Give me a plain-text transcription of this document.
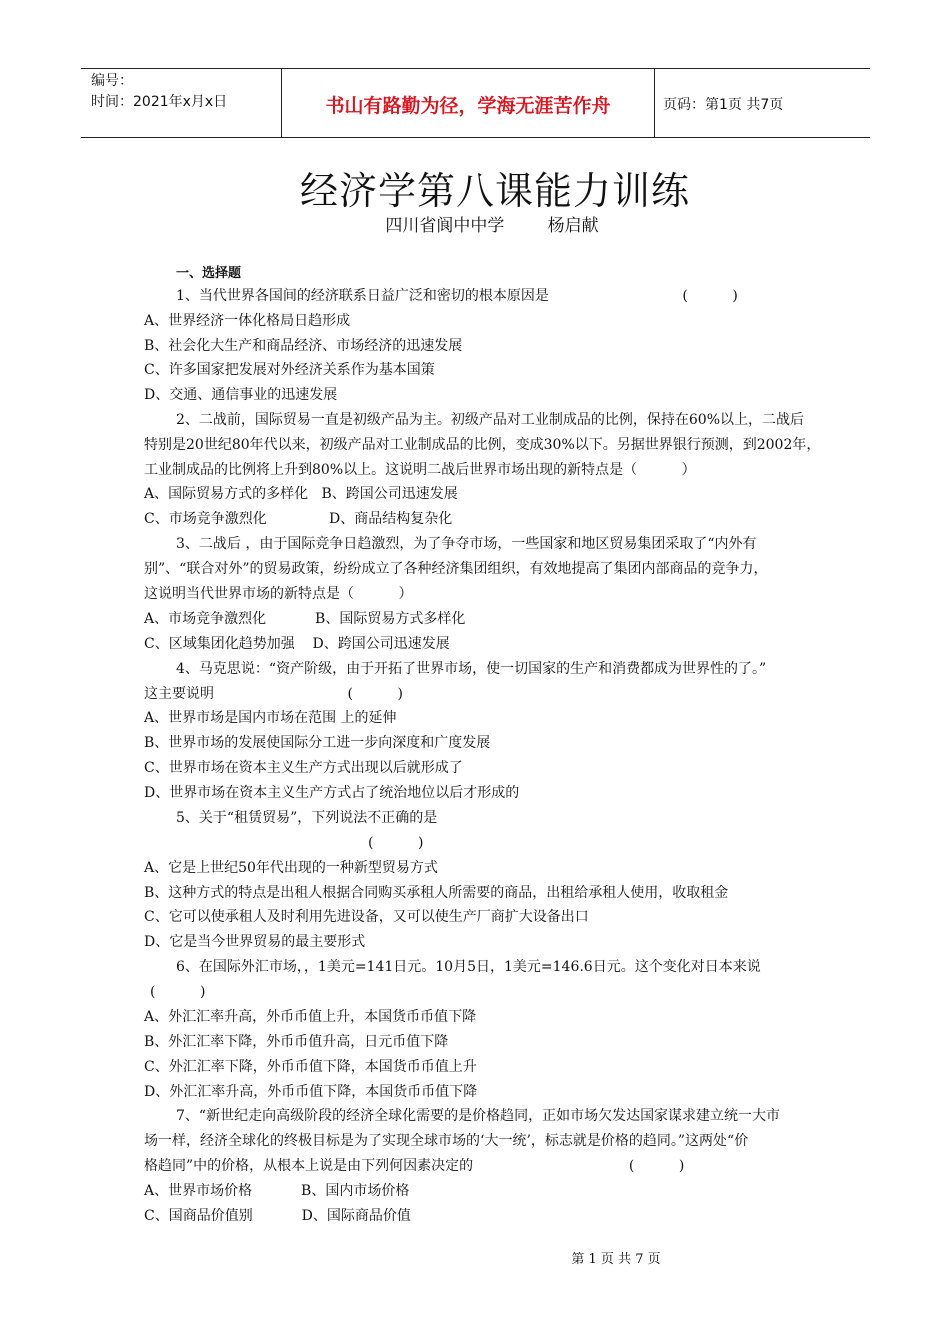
编号：
时间：2021年x月x日	书山有路勤为径，学海无涯苦作舟	页码：第1页 共7页
经济学第八课能力训练
四川省阆中中学        杨启献
一、选择题
1、当代世界各国间的经济联系日益广泛和密切的根本原因是                              (          )
A、世界经济一体化格局日趋形成
B、社会化大生产和商品经济、市场经济的迅速发展
C、许多国家把发展对外经济关系作为基本国策
D、交通、通信事业的迅速发展
2、二战前，国际贸易一直是初级产品为主。初级产品对工业制成品的比例，保持在60%以上，二战后
特别是20世纪80年代以来，初级产品对工业制成品的比例，变成30%以下。另据世界银行预测，到2002年，
工业制成品的比例将上升到80%以上。这说明二战后世界市场出现的新特点是（          ）
A、国际贸易方式的多样化   B、跨国公司迅速发展
C、市场竞争激烈化              D、商品结构复杂化
3、二战后 ，由于国际竞争日趋激烈，为了争夺市场，一些国家和地区贸易集团采取了“内外有
别”、“联合对外”的贸易政策，纷纷成立了各种经济集团组织，有效地提高了集团内部商品的竞争力，
这说明当代世界市场的新特点是（          ）
A、市场竞争激烈化           B、国际贸易方式多样化
C、区域集团化趋势加强    D、跨国公司迅速发展
4、马克思说：“资产阶级，由于开拓了世界市场，使一切国家的生产和消费都成为世界性的了。”
这主要说明                              (          )
A、世界市场是国内市场在范围 上的延伸
B、世界市场的发展使国际分工进一步向深度和广度发展
C、世界市场在资本主义生产方式出现以后就形成了
D、世界市场在资本主义生产方式占了统治地位以后才形成的
5、关于“租赁贸易”，下列说法不正确的是
(          )
A、它是上世纪50年代出现的一种新型贸易方式
B、这种方式的特点是出租人根据合同购买承租人所需要的商品，出租给承租人使用，收取租金
C、它可以使承租人及时利用先进设备，又可以使生产厂商扩大设备出口
D、它是当今世界贸易的最主要形式
6、在国际外汇市场，，1美元=141日元。10月5日，1美元=146.6日元。这个变化对日本来说
(          )
A、外汇汇率升高，外币币值上升，本国货币币值下降
B、外汇汇率下降，外币币值升高，日元币值下降
C、外汇汇率下降，外币币值下降，本国货币币值上升
D、外汇汇率升高，外币币值下降，本国货币币值下降
7、“新世纪走向高级阶段的经济全球化需要的是价格趋同，正如市场欠发达国家谋求建立统一大市
场一样，经济全球化的终极目标是为了实现全球市场的‘大一统’，标志就是价格的趋同。”这两处“价
格趋同”中的价格，从根本上说是由下列何因素决定的                                   (          )
A、世界市场价格           B、国内市场价格
C、国商品价值别           D、国际商品价值
第 1 页 共 7 页
